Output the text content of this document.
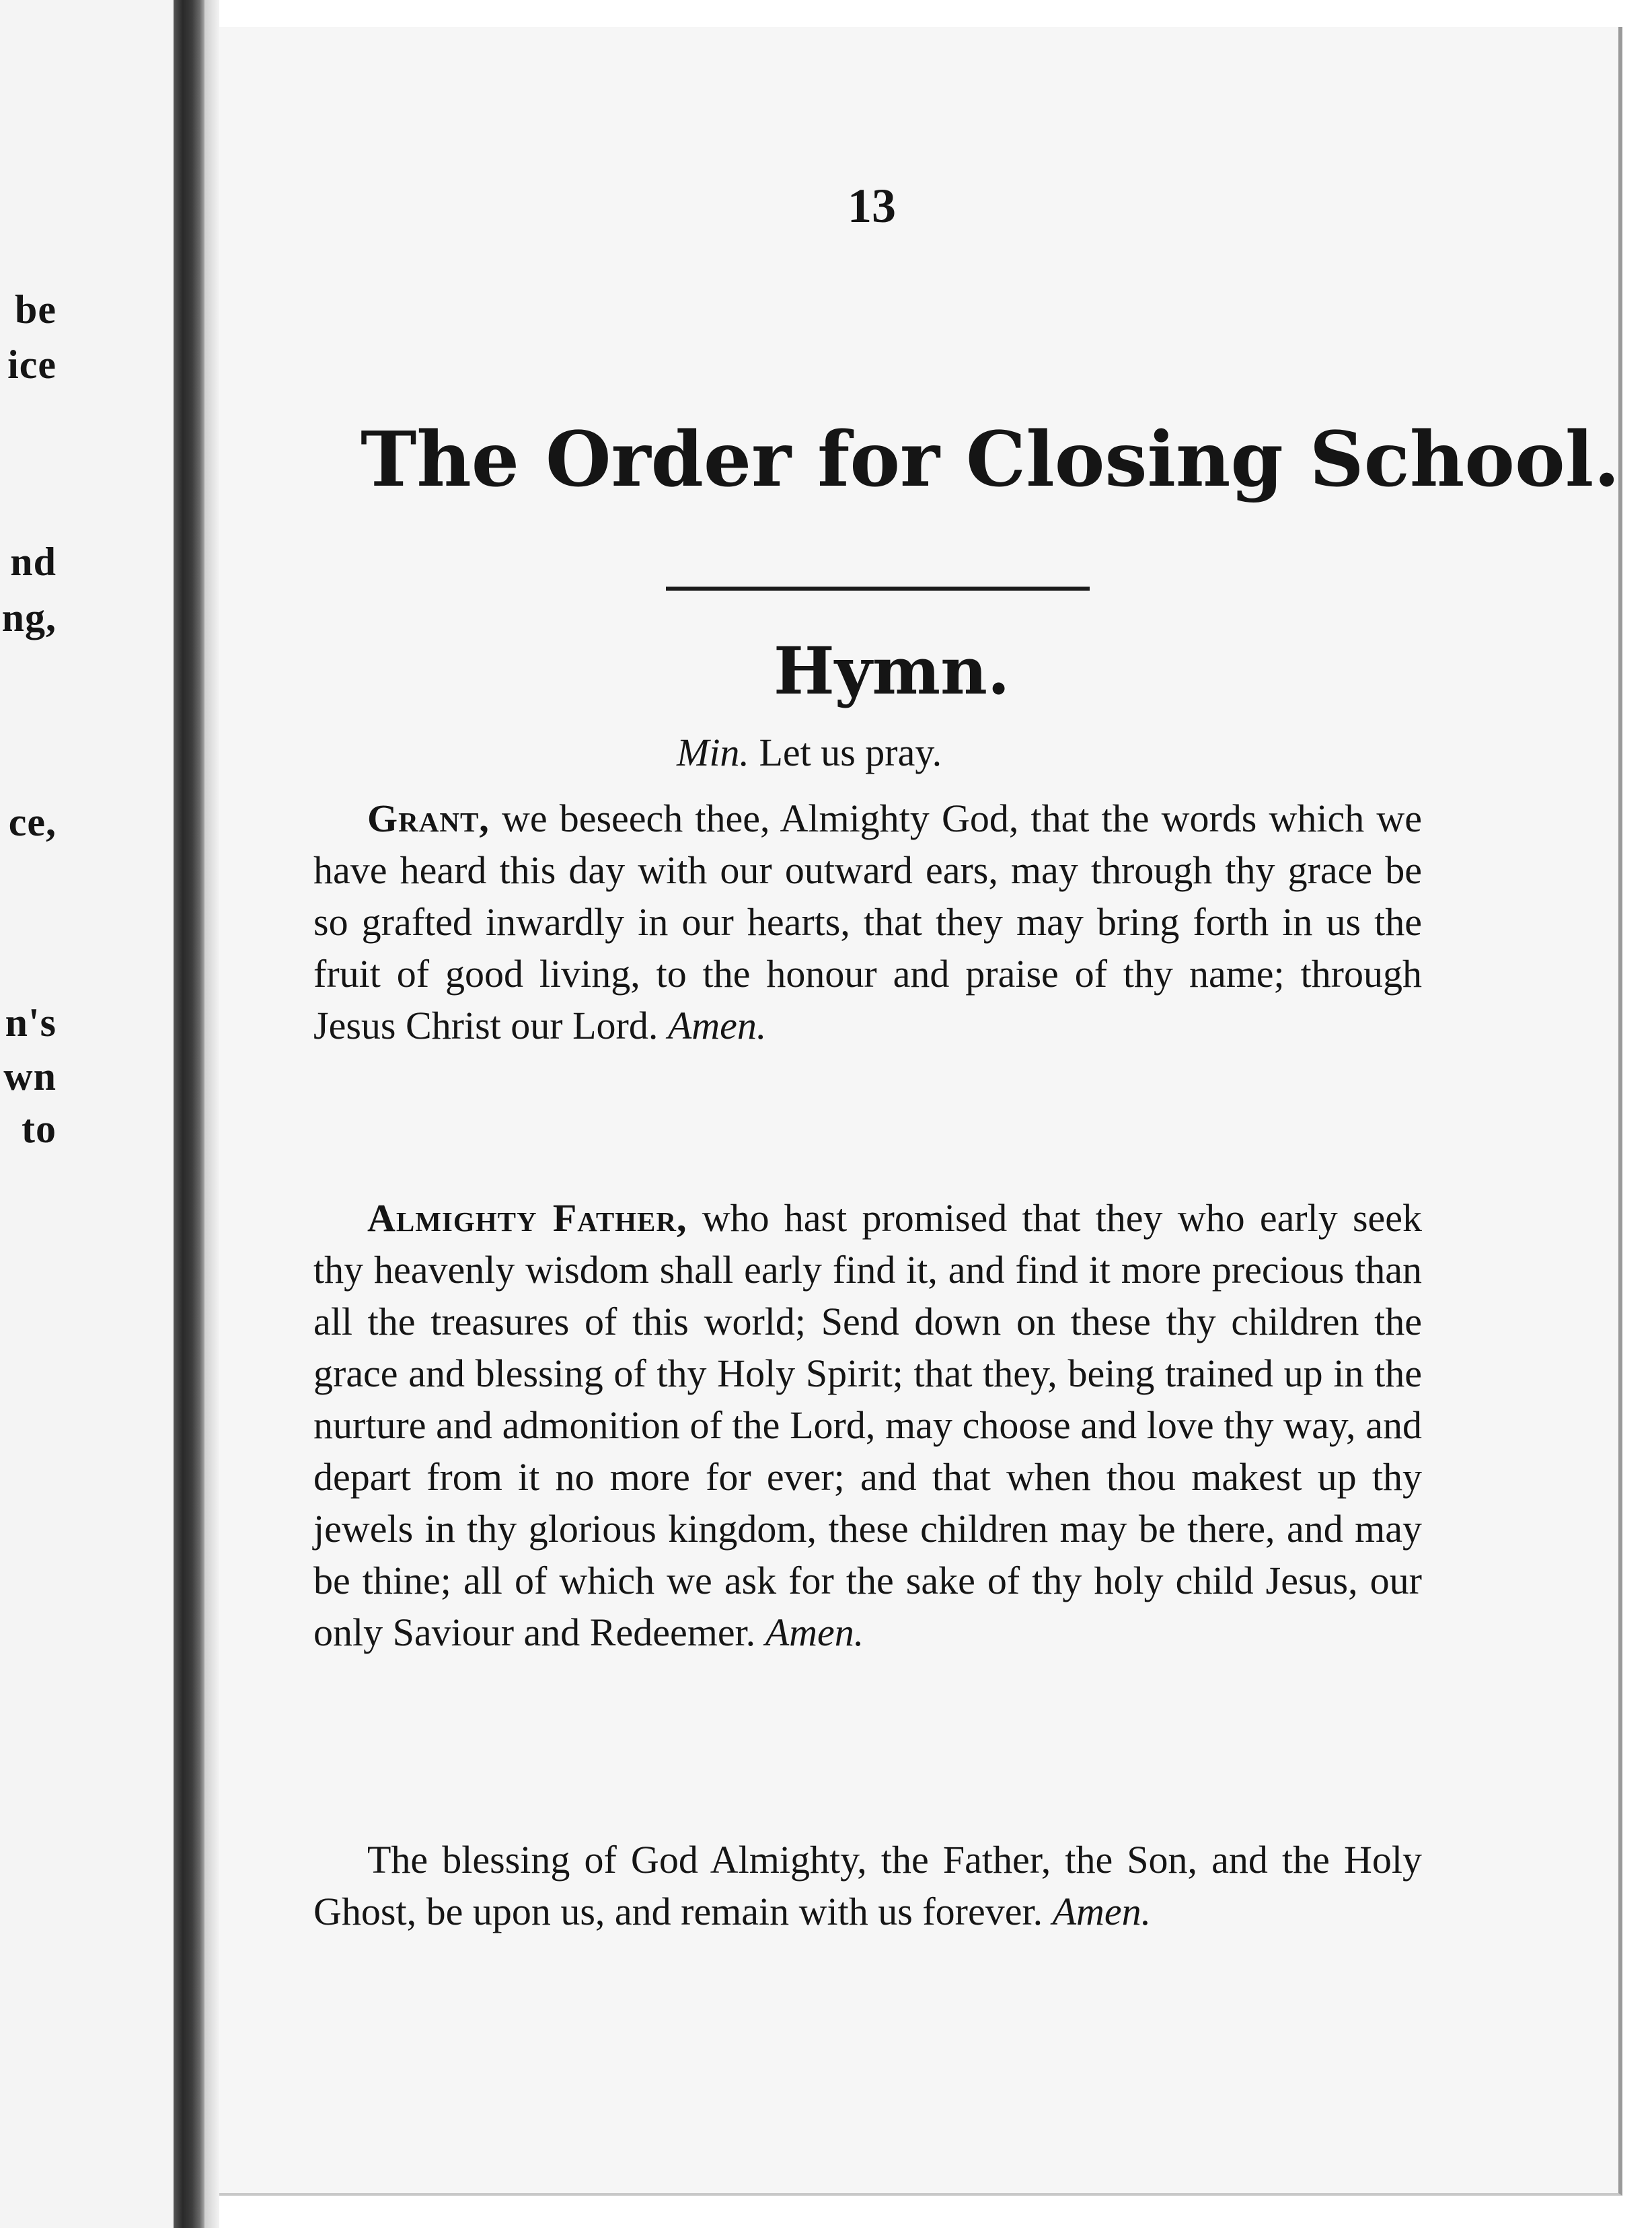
be
ice
nd
ng,
ce,
n's
wn
to
13
The Order for Closing School.
Hymn.
Min. Let us pray.
Grant, we beseech thee, Almighty God, that the words which we have heard this day with our outward ears, may through thy grace be so grafted inwardly in our hearts, that they may bring forth in us the fruit of good living, to the honour and praise of thy name; through Jesus Christ our Lord. Amen.
Almighty Father, who hast promised that they who early seek thy heavenly wisdom shall early find it, and find it more precious than all the treasures of this world; Send down on these thy children the grace and blessing of thy Holy Spirit; that they, being trained up in the nurture and admonition of the Lord, may choose and love thy way, and depart from it no more for ever; and that when thou makest up thy jewels in thy glorious kingdom, these children may be there, and may be thine; all of which we ask for the sake of thy holy child Jesus, our only Saviour and Redeemer. Amen.
The blessing of God Almighty, the Father, the Son, and the Holy Ghost, be upon us, and remain with us forever. Amen.
